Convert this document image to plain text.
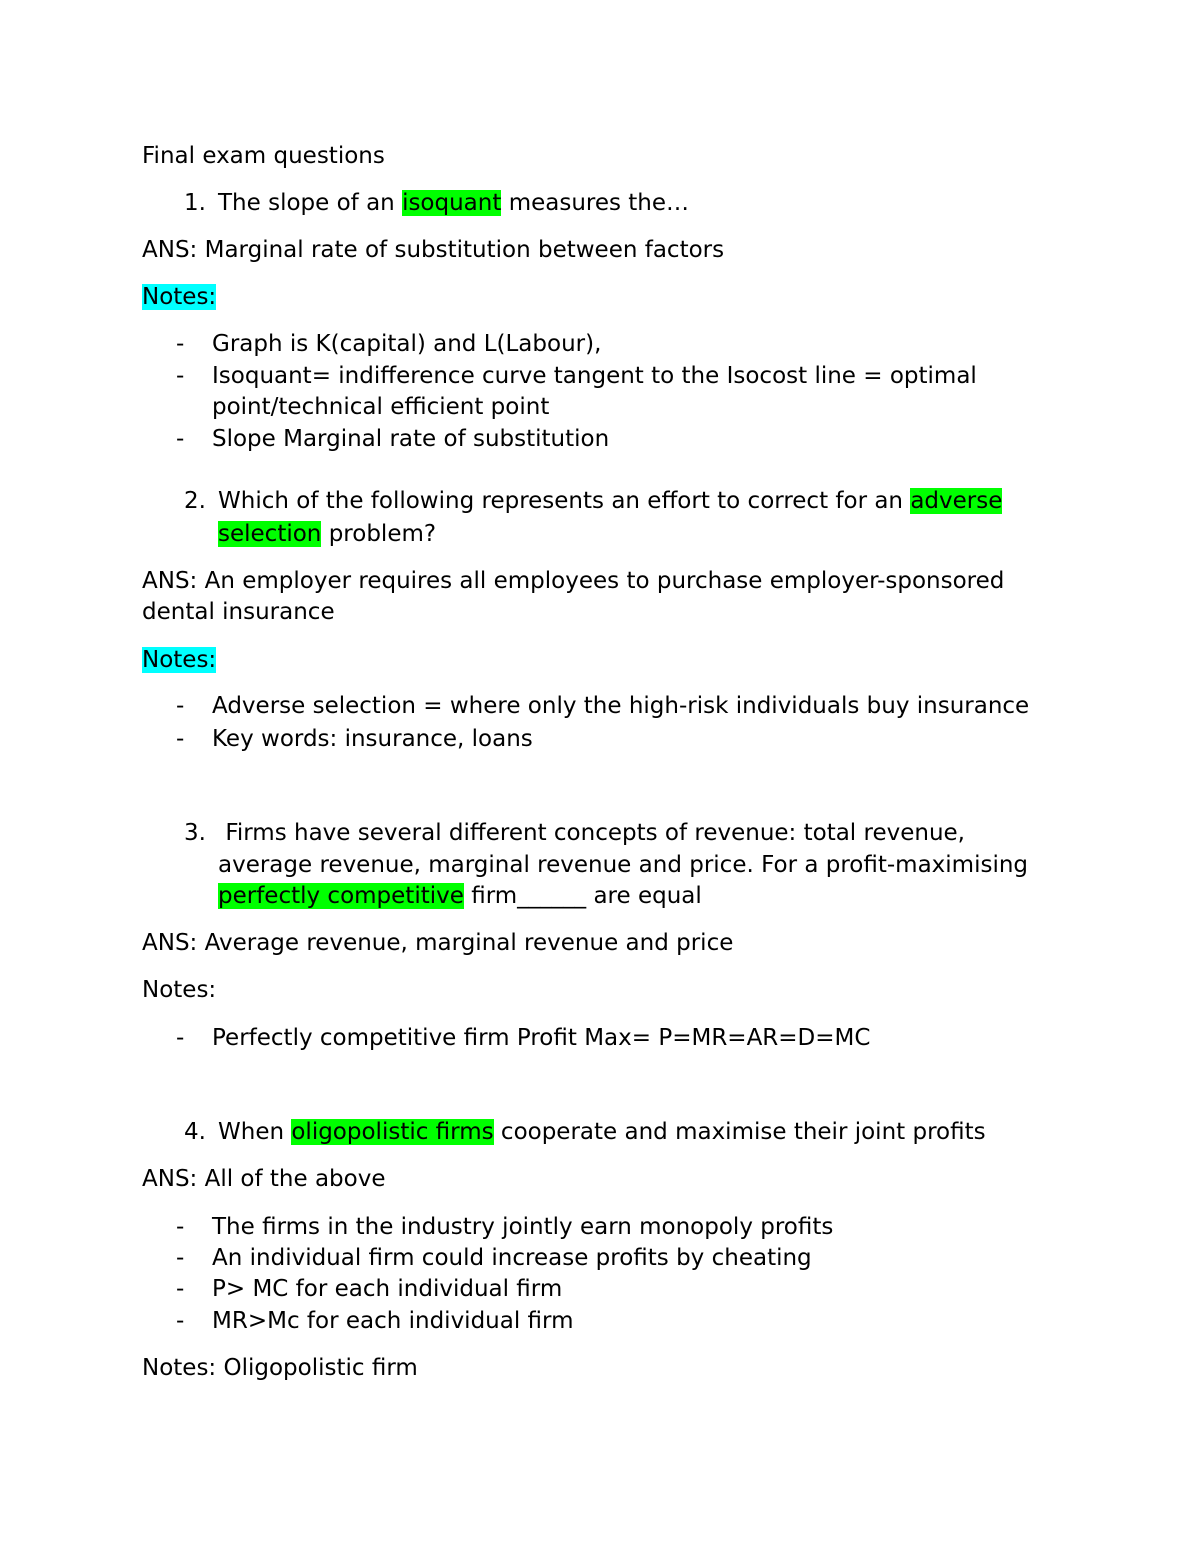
Final exam questions
1. The slope of an isoquant measures the…
ANS: Marginal rate of substitution between factors
Notes:
- Graph is K(capital) and L(Labour),
- Isoquant= indifference curve tangent to the Isocost line = optimal
point/technical efficient point
- Slope Marginal rate of substitution
2. Which of the following represents an effort to correct for an adverse
selection problem?
ANS: An employer requires all employees to purchase employer-sponsored
dental insurance
Notes:
- Adverse selection = where only the high-risk individuals buy insurance
- Key words: insurance, loans
3. Firms have several different concepts of revenue: total revenue,
average revenue, marginal revenue and price. For a profit-maximising
perfectly competitive firm______ are equal
ANS: Average revenue, marginal revenue and price
Notes:
- Perfectly competitive firm Profit Max= P=MR=AR=D=MC
4. When oligopolistic firms cooperate and maximise their joint profits
ANS: All of the above
- The firms in the industry jointly earn monopoly profits
- An individual firm could increase profits by cheating
- P> MC for each individual firm
- MR>Mc for each individual firm
Notes: Oligopolistic firm
